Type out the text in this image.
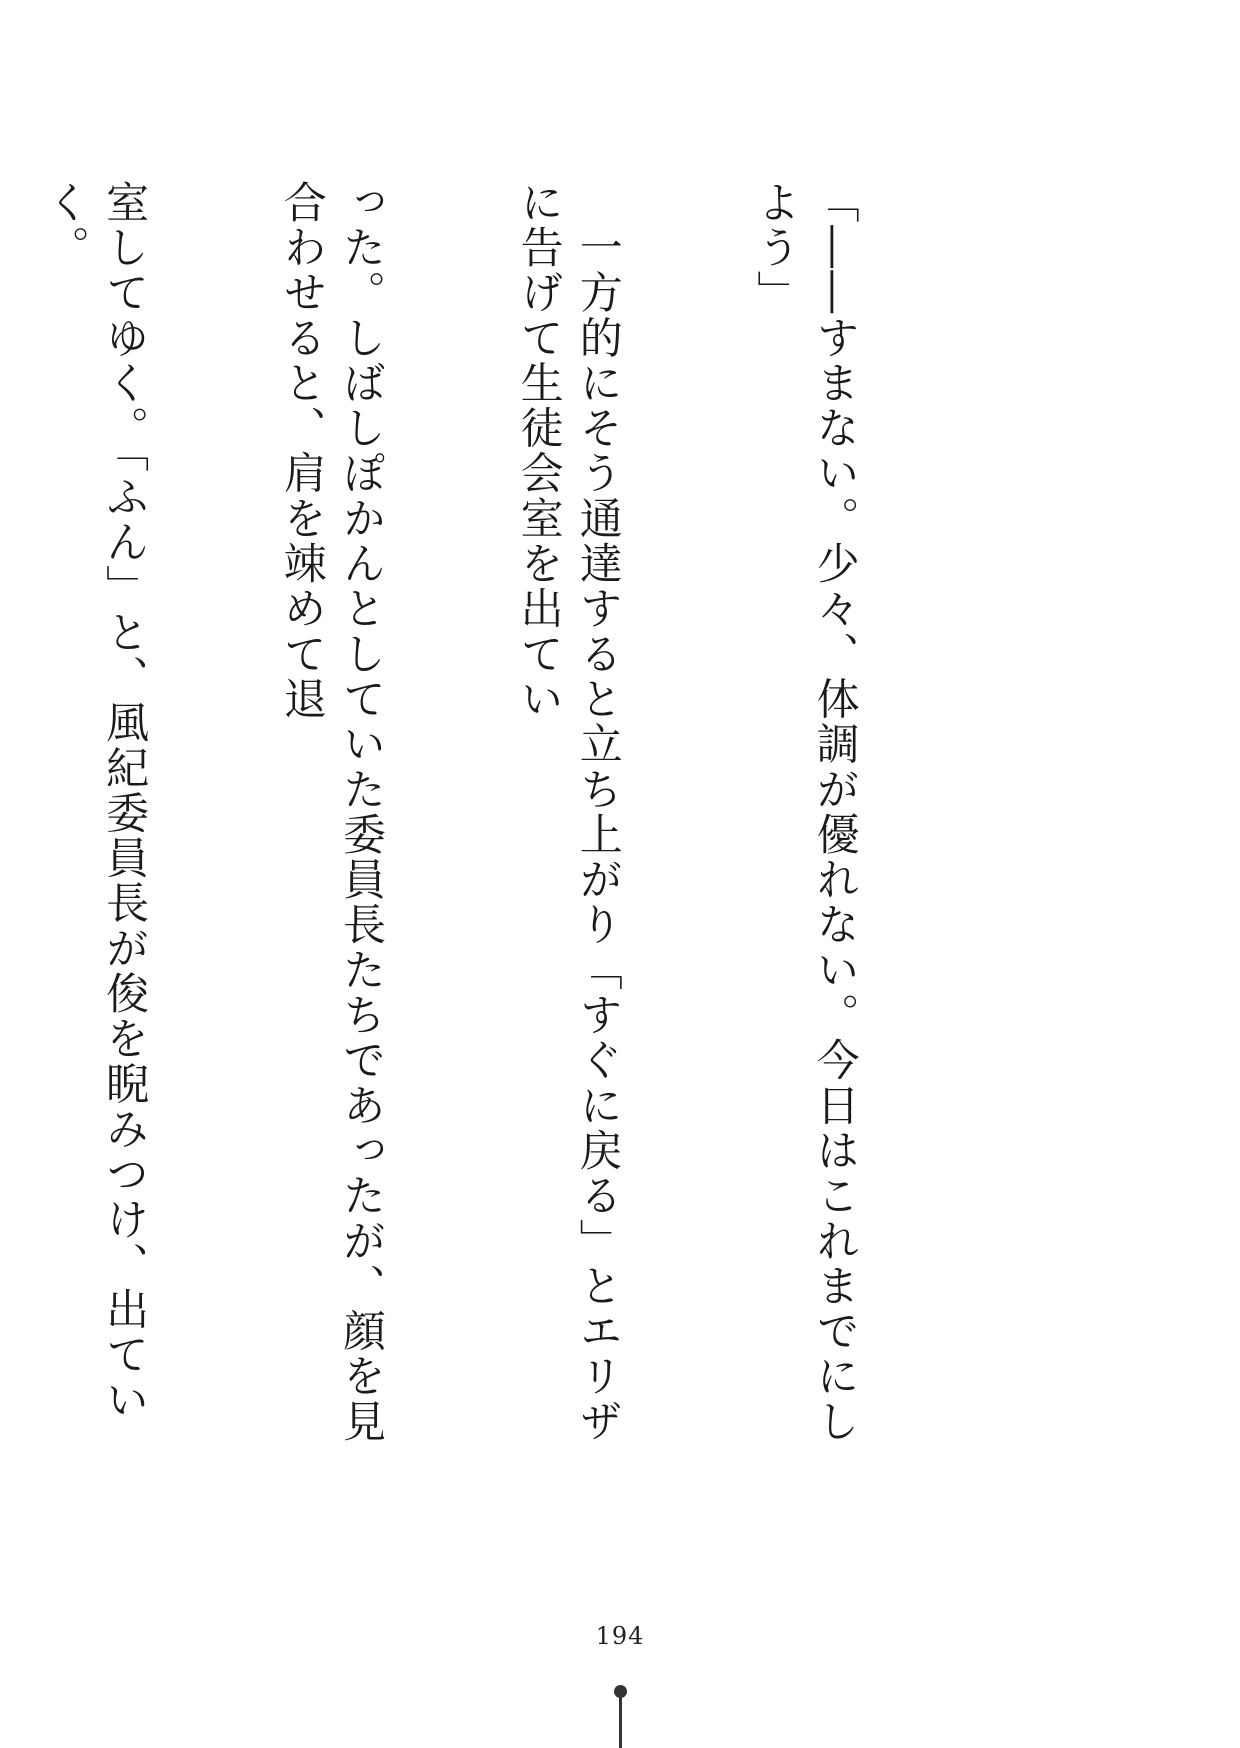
「――すまない。少々、体調が優れない。今日はこれまでにしよう」

　一方的にそう通達すると立ち上がり「すぐに戻る」とエリザに告げて生徒会室を出てい

った。しばしぽかんとしていた委員長たちであったが、顔を見合わせると、肩を竦めて退

室してゆく。「ふん」と、風紀委員長が俊を睨みつけ、出ていく。

194
